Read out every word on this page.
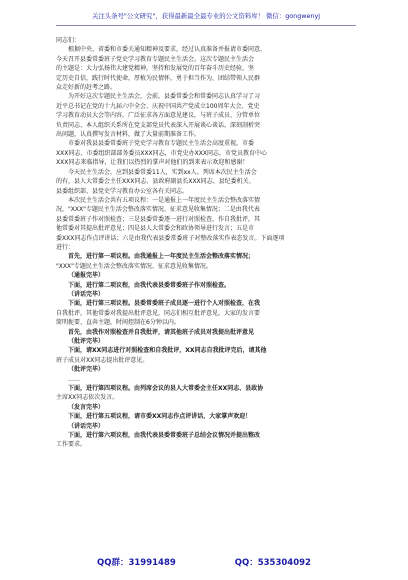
关注头条号"公文研究"，获得最新最全最专业的公文资料库！ 微信：gongwenyj
同志们：
根据中央、省委和市委关通知精神及要求，经过认真准备并报请市委同意，
今天召开县委常委班子党史学习教育专题民主生活会。这次专题民主生活会
的主题是：大力弘扬伟大建党精神，坚持和发展党的百年奋斗历史经验，坚
定历史自信，践行时代使命，厚植为民情怀，勇于担当作为，团结带领人民群
众走好新的赶考之路。
为开好这次专题民主生活会，会前，县委常委会和常委同志认真学习了习
近平总书记在党的十九届六中全会、庆祝中国共产党成立100周年大会、党史
学习教育动员大会等内容，广泛征求各方面意见建议，与班子成员、分管单位
负责同志、本人组织关系所在党支部党员代表深入开展谈心谈话，深刻剖析突
出问题，认真撰写发言材料，做了大量前期准备工作。
市委对我县县委常委班子党史学习教育专题民主生活会高度重视，市委
XXX同志、市委组织部部务委员XXX同志，市党史办XXX同志，市党员教育中心
XXX同志来临指导，让我们以热烈的掌声对他们的到来表示欢迎和感谢！
今天民主生活会，应到县委常委11人，实到xx人。列席本次民主生活会
的有，县人大常委会主任XXX同志、县政府副县长XXX同志、县纪委机关、
县委组织部、县党史学习教育办公室各有关同志。
本次民主生活会共有五项议程：一是通报上一年度民主生活会整改落实情
况，"XXX"专题民主生活会整改落实情况、征求意见收集情况；二是由我代表
县委常委班子作对照检查；三是县委常委逐一进行对照检查，作自我批评，其
他常委对其提出批评意见；四是县人大常委会和政协领导进行发言；五是市
委XXX同志作点评讲话；六是由我代表县委常委班子对整改落实作表态发言。下面逐项
进行：
首先，进行第一项议程。由我通报上一年度民主生活会整改落实情况；
"XXX"专题民主生活会整改落实情况、征求意见收集情况。
（通报完毕）
下面，进行第二项议程，由我代表县委常委班子作对照检查。
（讲话完毕）
下面，进行第三项议程。县委常委班子成员逐一进行个人对照检查，在我
自我批评，其他常委对我提出批评意见，同志们相互批评意见，大家的发言要
简明扼要、直奔主题，时间控制在6分钟以内。
首先，由我作对照检查并自我批评，请其他班子成员对我提出批评意见
（批评完毕）
下面，请XX同志进行对照检查和自我批评，XX同志自我批评完后，请其他
班子成员对XX同志提出批评意见。
（批评完毕）
……
下面，进行第四项议程。由列席会议的县人大常委会主任XX同志、县政协
主席XX同志依次发言。
（发言完毕）
下面，进行第五项议程，请市委XX同志作点评讲话，大家掌声欢迎！
（讲话完毕）
下面，进行第六项议程，由我代表县委常委班子总结会议情况并提出整改
工作要求。
QQ群：31991489	QQ：535304092
